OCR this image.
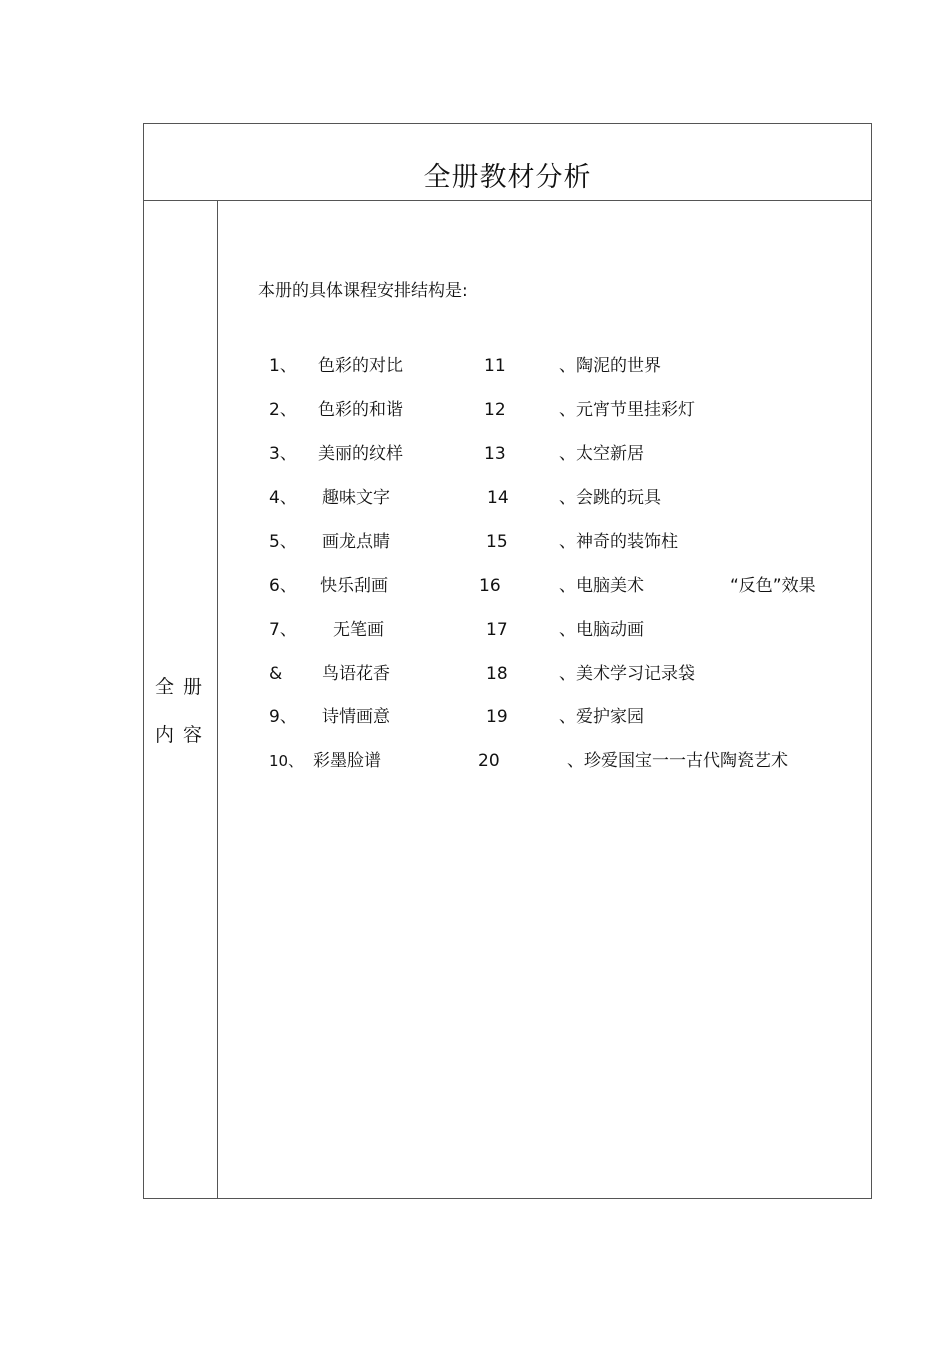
全册教材分析
全册
内容
本册的具体课程安排结构是:
1、 色彩的对比	11	、陶泥的世界
2、 色彩的和谐	12	、元宵节里挂彩灯
3、 美丽的纹样	13	、太空新居
4、 趣味文字	14	、会跳的玩具
5、 画龙点睛	15	、神奇的装饰柱
6、 快乐刮画	16	、电脑美术	“反色”效果
7、 无笔画	17	、电脑动画
& 鸟语花香	18	、美术学习记录袋
9、 诗情画意	19	、爱护家园
10、 彩墨脸谱	20	、珍爱国宝一一古代陶瓷艺术
